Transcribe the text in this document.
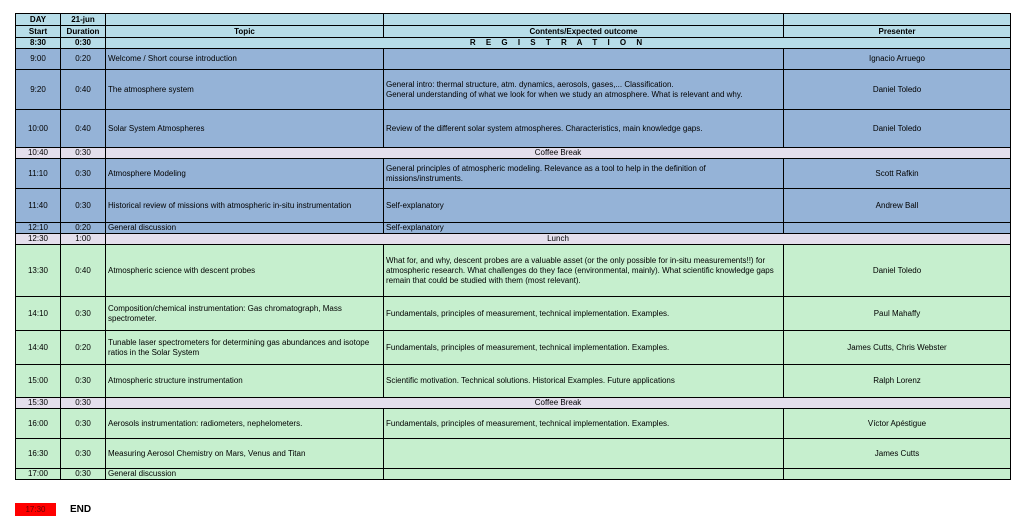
DAY	21-jun			
Start	Duration	Topic	Contents/Expected outcome	Presenter
8:30	0:30	R E G I S T R A T I O N		
9:00	0:20	Welcome / Short course introduction		Ignacio Arruego
9:20	0:40	The atmosphere system	General intro: thermal structure, atm. dynamics, aerosols, gases,... Classification.
General understanding of what we look for when we study an atmosphere. What is relevant and why.	Daniel Toledo
10:00	0:40	Solar System Atmospheres	Review of the different solar system atmospheres. Characteristics, main knowledge gaps.	Daniel Toledo
10:40	0:30	Coffee Break		
11:10	0:30	Atmosphere Modeling	General principles of atmospheric modeling. Relevance as a tool to help in the definition of missions/instruments.	Scott Rafkin
11:40	0:30	Historical review of missions with atmospheric in-situ instrumentation	Self-explanatory	Andrew Ball
12:10	0:20	General discussion	Self-explanatory	
12:30	1:00	Lunch		
13:30	0:40	Atmospheric science with descent probes	What for, and why, descent probes are a valuable asset (or the only possible for in-situ measurements!!) for atmospheric research. What challenges do they face (environmental, mainly). What scientific knowledge gaps remain that could be studied with them (most relevant).	Daniel Toledo
14:10	0:30	Composition/chemical instrumentation: Gas chromatograph, Mass spectrometer.	Fundamentals, principles of measurement, technical implementation. Examples.	Paul Mahaffy
14:40	0:20	Tunable laser spectrometers for determining gas abundances and isotope ratios in the Solar System	Fundamentals, principles of measurement, technical implementation. Examples.	James Cutts, Chris Webster
15:00	0:30	Atmospheric structure instrumentation	Scientific motivation. Technical solutions. Historical Examples. Future applications	Ralph Lorenz
15:30	0:30	Coffee Break		
16:00	0:30	Aerosols instrumentation: radiometers, nephelometers.	Fundamentals, principles of measurement, technical implementation. Examples.	Víctor Apéstigue
16:30	0:30	Measuring Aerosol Chemistry on Mars, Venus and Titan		James Cutts
17:00	0:30	General discussion		
17:30	END
